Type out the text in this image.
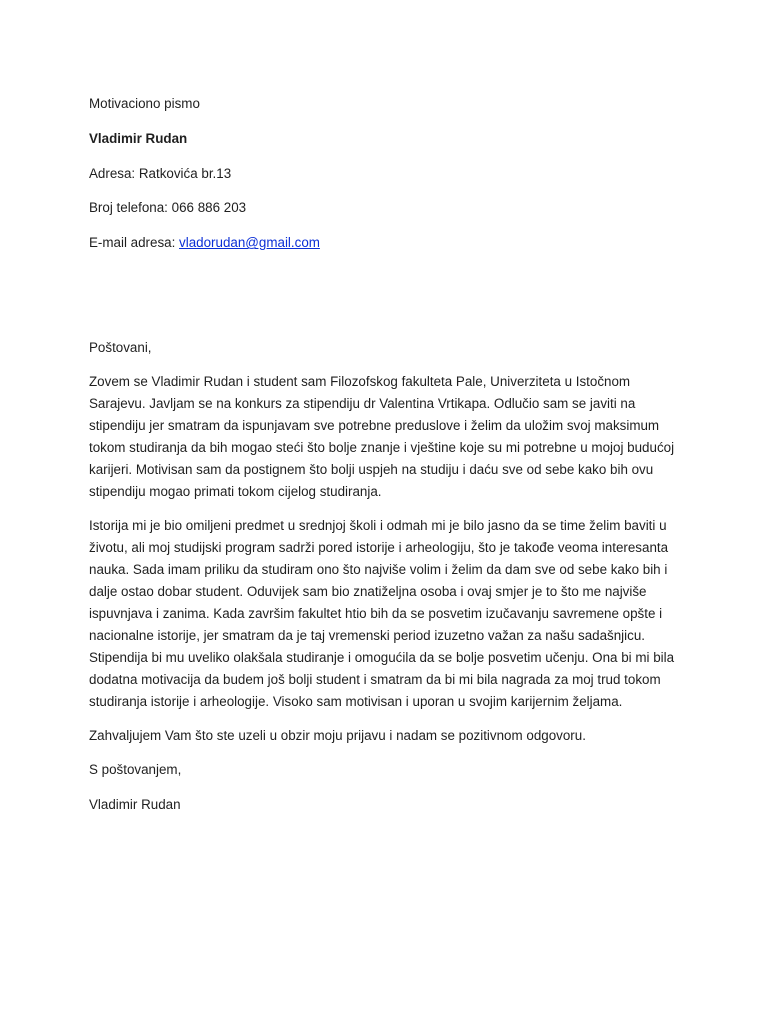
Motivaciono pismo
Vladimir Rudan
Adresa: Ratkovića br.13
Broj telefona: 066 886 203
E-mail adresa: vladorudan@gmail.com
Poštovani,
Zovem se Vladimir Rudan i student sam Filozofskog fakulteta Pale, Univerziteta u Istočnom Sarajevu. Javljam se na konkurs za stipendiju dr Valentina Vrtikapa. Odlučio sam se javiti na stipendiju jer smatram da ispunjavam sve potrebne preduslove i želim da uložim svoj maksimum tokom studiranja da bih mogao steći što bolje znanje i vještine koje su mi potrebne u mojoj budućoj karijeri. Motivisan sam da postignem što bolji uspjeh na studiju i daću sve od sebe kako bih ovu stipendiju mogao primati tokom cijelog studiranja.
Istorija mi je bio omiljeni predmet u srednjoj školi i odmah mi je bilo jasno da se time želim baviti u životu, ali moj studijski program sadrži pored istorije i arheologiju, što je takođe veoma interesanta nauka. Sada imam priliku da studiram ono što najviše volim i želim da dam sve od sebe kako bih i dalje ostao dobar student. Oduvijek sam bio znatiželjna osoba i ovaj smjer je to što me najviše ispuvnjava i zanima. Kada završim fakultet htio bih da se posvetim izučavanju savremene opšte i nacionalne istorije, jer smatram da je taj vremenski period izuzetno važan za našu sadašnjicu. Stipendija bi mu uveliko olakšala studiranje i omogućila da se bolje posvetim učenju. Ona bi mi bila dodatna motivacija da budem još bolji student i smatram da bi mi bila nagrada za moj trud tokom studiranja istorije i arheologije. Visoko sam motivisan i uporan u svojim karijernim željama.
Zahvaljujem Vam što ste uzeli u obzir moju prijavu i nadam se pozitivnom odgovoru.
S poštovanjem,
Vladimir Rudan
